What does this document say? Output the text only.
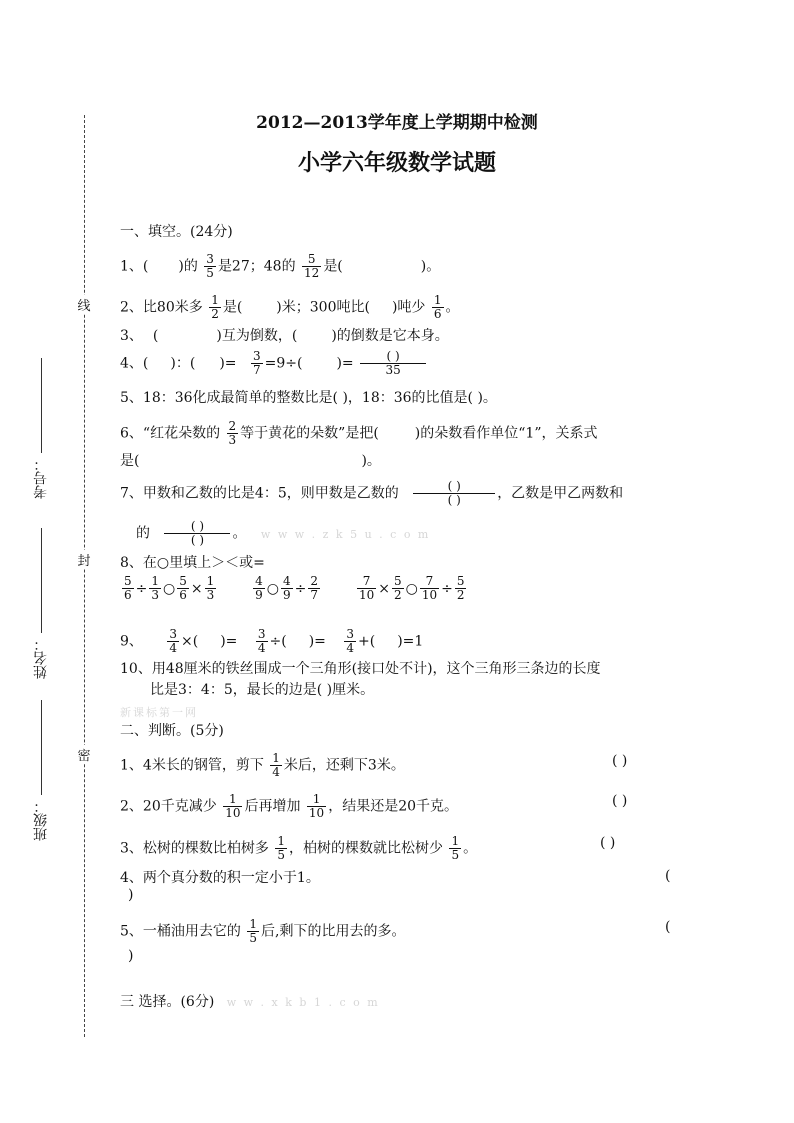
线
封
密
考号：
姓名：
班级：
2012—2013学年度上学期期中检测
小学六年级数学试题
一、填空。(24分)
1、( )的 $\frac{3}{5}$ 是27；48的 $\frac{5}{12}$ 是(	)。
2、比80米多 $\frac{1}{2}$ 是( )米；300吨比( )吨少 $\frac{1}{6}$ 。
3、 (	)互为倒数，( )的倒数是它本身。
4、( )：( )= $\frac{3}{7} =9\div$( )= $\frac{( )}{35}$
5、18：36化成最简单的整数比是( )，18：36的比值是( )。
6、“红花朵数的 $\frac{2}{3}$ 等于黄花的朵数”是把(	)的朵数看作单位“1”，关系式
是(	)。
7、甲数和乙数的比是4：5，则甲数是乙数的 $\frac{( )}{( )}$ ，乙数是甲乙两数和
的 $\frac{( )}{( )}$ 。 w w w . z k 5 u . c o m
8、在○里填上＞＜或=
$\frac{5}{6} \div \frac{1}{3}$ ○ $\frac{5}{6} \times \frac{1}{3}$
	$\frac{4}{9}$ ○ $\frac{4}{9} \div \frac{2}{7}$
	$\frac{7}{10} \times \frac{5}{2}$ ○ $\frac{7}{10} \div \frac{5}{2}$
9、 $\frac{3}{4}$ ×( )= $\frac{3}{4}$ ÷( )= $\frac{3}{4}$ +( )=1
10、用48厘米的铁丝围成一个三角形(接口处不计)，这个三角形三条边的长度
比是3：4：5，最长的边是( )厘米。
新课标第一网
二、判断。(5分)
1、4米长的钢管，剪下 $\frac{1}{4}$ 米后，还剩下3米。	( )
2、20千克减少 $\frac{1}{10}$ 后再增加 $\frac{1}{10}$ ，结果还是20千克。	( )
3、松树的棵数比柏树多 $\frac{1}{5}$ ，柏树的棵数就比松树少 $\frac{1}{5}$ 。	( )
4、两个真分数的积一定小于1。	(
)
5、一桶油用去它的 $\frac{1}{5}$ 后,剩下的比用去的多。	(
)
三 选择。(6分) w w . x k b 1 . c o m
